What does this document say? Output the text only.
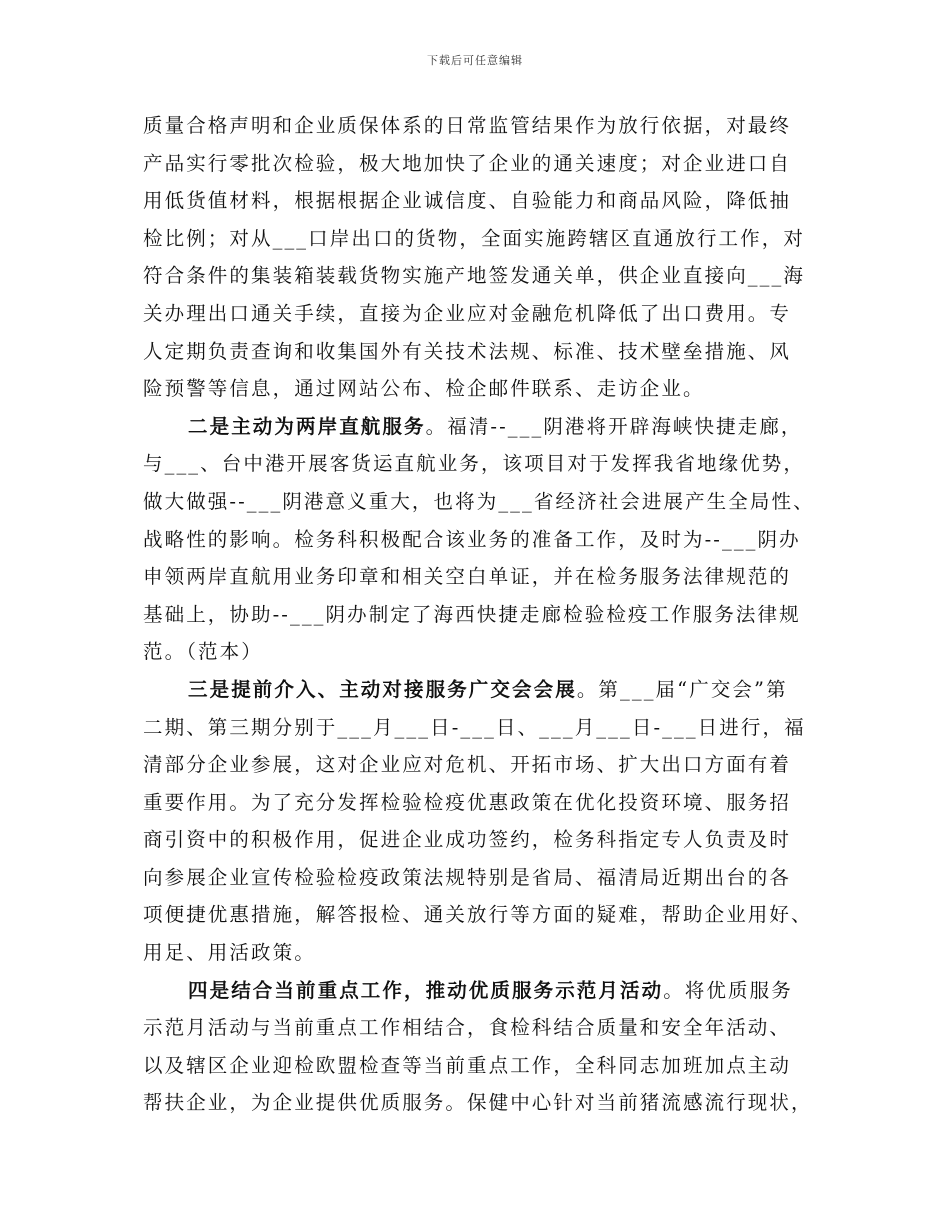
下载后可任意编辑
质量合格声明和企业质保体系的日常监管结果作为放行依据，对最终
产品实行零批次检验，极大地加快了企业的通关速度；对企业进口自
用低货值材料，根据根据企业诚信度、自验能力和商品风险，降低抽
检比例；对从___口岸出口的货物，全面实施跨辖区直通放行工作，对
符合条件的集装箱装载货物实施产地签发通关单，供企业直接向___海
关办理出口通关手续，直接为企业应对金融危机降低了出口费用。专
人定期负责查询和收集国外有关技术法规、标准、技术壁垒措施、风
险预警等信息，通过网站公布、检企邮件联系、走访企业。
二是主动为两岸直航服务。福清--___阴港将开辟海峡快捷走廊，
与___、台中港开展客货运直航业务，该项目对于发挥我省地缘优势，
做大做强--___阴港意义重大，也将为___省经济社会进展产生全局性、
战略性的影响。检务科积极配合该业务的准备工作，及时为--___阴办
申领两岸直航用业务印章和相关空白单证，并在检务服务法律规范的
基础上，协助--___阴办制定了海西快捷走廊检验检疫工作服务法律规
范。（范本）
三是提前介入、主动对接服务广交会会展。第___届“广交会”第
二期、第三期分别于___月___日-___日、___月___日-___日进行，福
清部分企业参展，这对企业应对危机、开拓市场、扩大出口方面有着
重要作用。为了充分发挥检验检疫优惠政策在优化投资环境、服务招
商引资中的积极作用，促进企业成功签约，检务科指定专人负责及时
向参展企业宣传检验检疫政策法规特别是省局、福清局近期出台的各
项便捷优惠措施，解答报检、通关放行等方面的疑难，帮助企业用好、
用足、用活政策。
四是结合当前重点工作，推动优质服务示范月活动。将优质服务
示范月活动与当前重点工作相结合，食检科结合质量和安全年活动、
以及辖区企业迎检欧盟检查等当前重点工作，全科同志加班加点主动
帮扶企业，为企业提供优质服务。保健中心针对当前猪流感流行现状，
